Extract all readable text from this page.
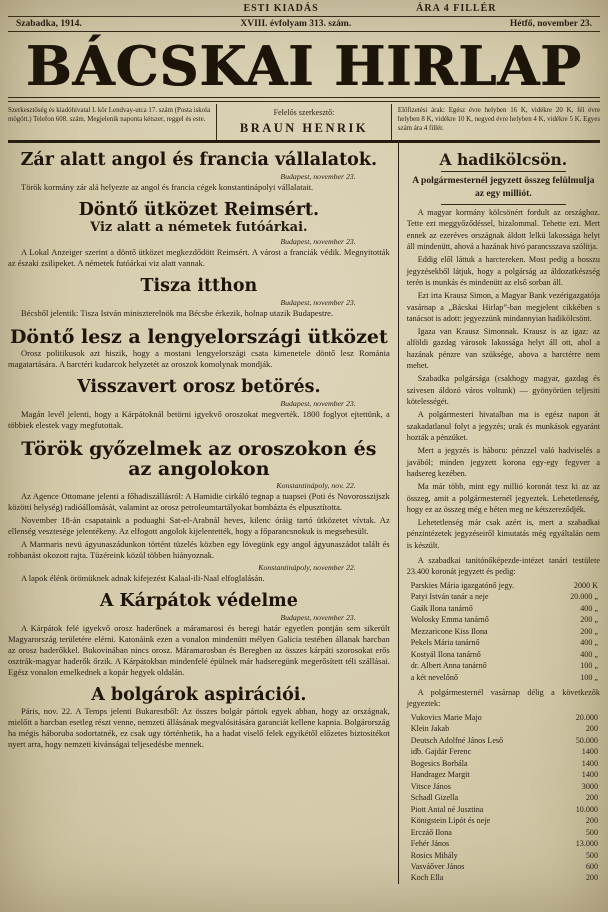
ESTI KIADÁS	ÁRA 4 FILLÉR
Szabadka, 1914.	XVIII. évfolyam 313. szám.	Hétfő, november 23.
BÁCSKAI HIRLAP
Szerkesztőség és kiadóhivatal I. kör Lendvay-utca 17. szám (Posta iskola mögött.) Telefon 608. szám. Megjelenik naponta kétszer, reggel és este.
Felelős szerkesztő:
BRAUN HENRIK
Előfizetési árak: Egész évre helyben 16 K, vidékre 20 K, fél évre helyben 8 K, vidékre 10 K, negyed évre helyben 4 K, vidékre 5 K. Egyes szám ára 4 fillér.
Zár alatt angol és francia vállalatok.
Budapest, november 23.

Török kormány zár alá helyezte az angol és francia cégek konstantinápolyi vállalatait.

Döntő ütközet Reimsért.
Viz alatt a németek futóárkai.
Budapest, november 23.

A Lokal Anzeiger szerint a döntő ütközet megkezdődött Reimsért. A várost a franciák védik. Megnyitották az északi zsilipeket. A németek futóárkai viz alatt vannak.

Tisza itthon
Budapest, november 23.

Bécsből jelentik: Tisza István miniszterelnök ma Bécsbe érkezik, holnap utazik Budapestre.

Döntő lesz a lengyelországi ütközet

Orosz politikusok azt hiszik, hogy a mostani lengyelországi csata kimenetele döntő lesz Románia magatartására. A harctéri kudarcok helyzetét az oroszok komolynak mondják.

Visszavert orosz betörés.
Budapest, november 23.

Magán levél jelenti, hogy a Kárpátoknál betörni igyekvő oroszokat megverték. 1800 foglyot ejtettünk, a többiek elestek vagy megfutottak.

Török győzelmek az oroszokon és az angolokon
Konstantinápoly, nov. 22.

Az Agence Ottomane jelenti a főhadiszállásról: A Hamidie cirkáló tegnap a tuapsei (Poti és Novorosszijszk közötti helység) radióállomását, valamint az orosz petroleumtartályokat bombázta és elpusztította.

November 18-án csapataink a poduaghi Sat-el-Arabnál heves, kilenc óráig tartó ütközetet vívtak. Az ellenség vesztesége jelentékeny. Az elfogott angolok kijelentették, hogy a főparancsnokuk is megsebesült.

A Marmaris nevü ágyunaszádunkon történt tüzelés közben egy lövegünk egy angol ágyunaszádot talált és robbanást okozott rajta. Tüzéreink közül többen hiányoznak.

Konstantinápoly, november 22.

A lapok élénk örömüknek adnak kifejezést Kalaal-ili-Naal elfoglalásán.

A Kárpátok védelme
Budapest, november 23.

A Kárpátok felé igyekvő orosz haderőnek a máramarosi és beregi határ egyetlen pontján sem sikerült Magyarország területére elérni. Katonáink ezen a vonalon mindenütt mélyen Galicia testében állanak harcban az orosz haderőkkel. Bukovinában nincs orosz. Máramarosban és Beregben az összes kárpáti szorosokat erős osztrák-magyar haderők őrzik. A Kárpátokban mindenfelé épülnek már hadseregünk megerősített téli szállásai. Egész vonalon emelkednek a kopár hegyek oldalán.

A bolgárok aspirációi.

Páris, nov. 22. A Temps jelenti Bukarestből: Az összes bolgár pártok egyek abban, hogy az országnak, mielőtt a harcban esetleg részt venne, nemzeti állásának megvalósitására garanciát kellene kapnia. Bolgárország ha mégis háboruba sodortatnék, ez csak ugy történhetik, ha a hadat viselő felek egyikétől előzetes biztositékot nyert arra, hogy nemzeti kivánságai teljesedésbe mennek.

A hadikölcsön.
A polgármesternél jegyzett összeg felülmulja az egy milliót.

A magyar kormány kölcsönért fordult az országhoz. Tette ezt meggyőződéssel, bizalommal. Tehette ezt. Mert ennek az ezeréves országnak áldott lelkü lakossága helyt áll mindenütt, ahová a hazának hivó parancsszava szólitja.

Eddig elől láttuk a harctereken. Most pedig a hosszu jegyzésekből látjuk, hogy a polgárság az áldozatkészség terén is munkás és mindenütt az első sorban áll.

Ezt irta Krausz Simon, a Magyar Bank vezérigazgatója vasárnap a „Bácskai Hirlap”-ban megjelent cikkében s tanácsot is adott: jegyezzünk mindannyian hadikölcsönt.

Igaza van Krausz Simonnak. Krausz is az igaz: az alföldi gazdag városok lakossága helyt áll ott, ahol a hazának pénzre van szüksége, ahova a harctérre nem mehet.

Szabadka polgársága (csakhogy magyar, gazdag és szivesen áldozó város voltunk) — gyönyörüen teljesiti kötelességét.

A polgármesteri hivatalban ma is egész napon át szakadatlanul folyt a jegyzés; urak és munkások egyaránt hozták a pénzüket.

Mert a jegyzés is háboru: pénzzel való hadviselés a javából; minden jegyzett korona egy-egy fegyver a hadsereg kezében.

Ma már több, mint egy millió koronát tesz ki az az összeg, amit a polgármesternél jegyeztek. Lehetetlenség, hogy ez az összeg még e héten meg ne kétszereződjék.

Lehetetlenség már csak azért is, mert a szabadkai pénzintézetek jegyzéseiről kimutatás még egyáltalán nem is készült.

A szabadkai tanitónőképezde-intézet tanári testülete 23.400 koronát jegyzett és pedig:

Parskies Mária igazgatónő jegy.	2000 K
Patyi István tanár a neje	20.000 „
Gaák Ilona tanárnő	400 „
Wolosky Emma tanárnő	200 „
Mezzaricone Kiss Ilona	200 „
Pekels Mária tanárnő	400 „
Kostyál Ilona tanárnő	400 „
dr. Albert Anna tanárnő	100 „
a két nevelőnő	100 „

A polgármesternél vasárnap délig a következők jegyeztek:

Vukovics Marie Majo	20.000
Klein Jakab	200
Deutsch Adolfné János Leső	50.000
idb. Gajdár Ferenc	1400
Bogesics Borbála	1400
Handragez Margit	1400
Vitsce János	3000
Schadl Gizella	200
Piott Antal né Jusztina	10.000
Königstein Lipót és neje	200
Erczáő Ilona	500
Fehér János	13.000
Rosics Mihály	500
Vasváőver János	600
Koch Ella	200
